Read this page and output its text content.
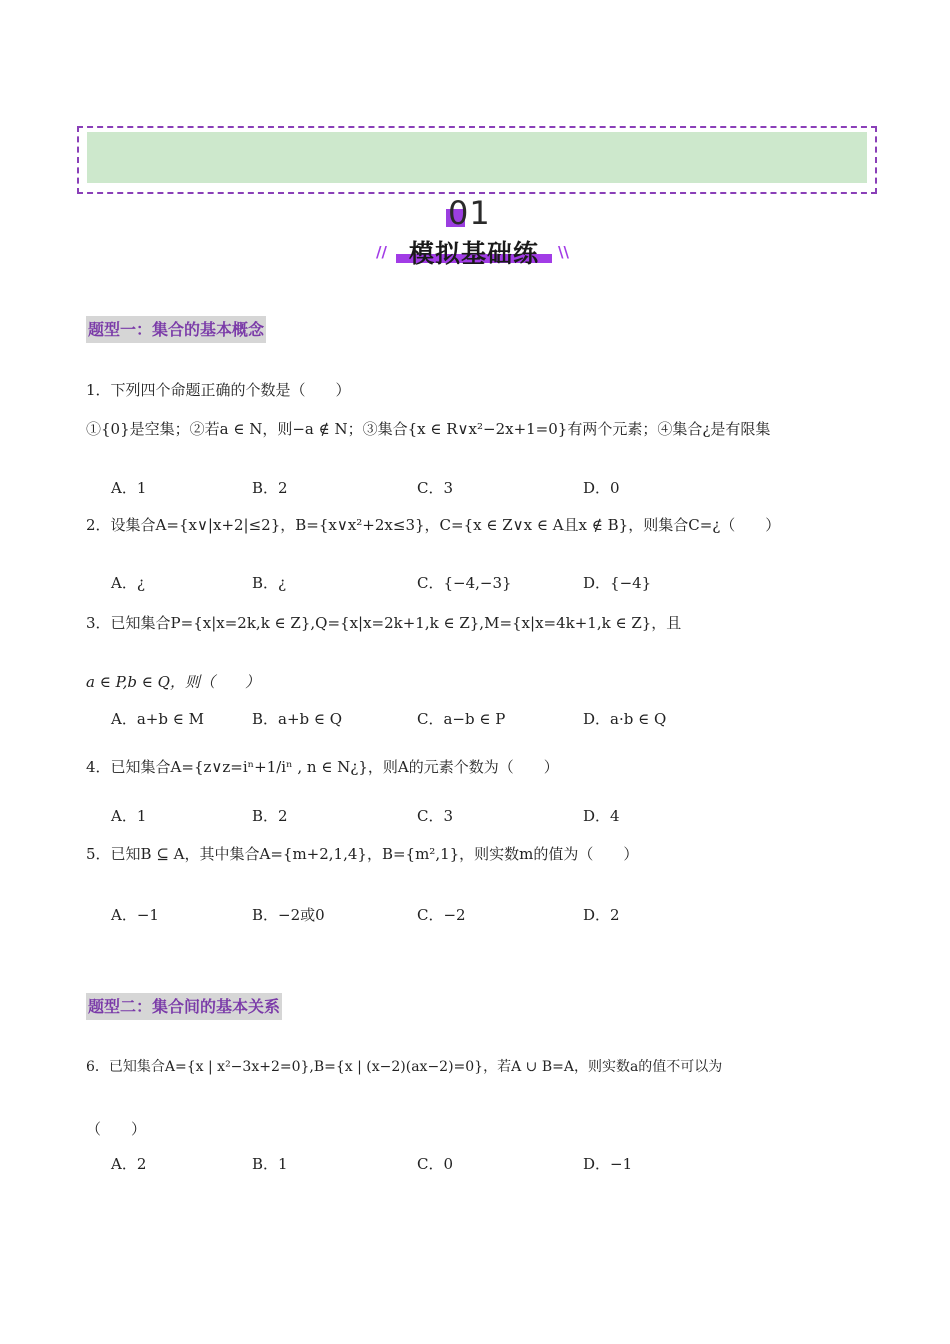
01
// 模拟基础练	\\
题型一：集合的基本概念
1．下列四个命题正确的个数是（　　）
①{0}是空集；②若a ∈ N，则−a ∉ N；③集合{x ∈ R∨x²−2x+1=0}有两个元素；④集合¿是有限集
A．1	B．2	C．3	D．0
2．设集合A={x∨|x+2|≤2}，B={x∨x²+2x≤3}，C={x ∈ Z∨x ∈ A且x ∉ B}，则集合C=¿（　　）
A．¿	B．¿	C．{−4,−3}	D．{−4}
3．已知集合P={x|x=2k,k ∈ Z},Q={x|x=2k+1,k ∈ Z},M={x|x=4k+1,k ∈ Z}，且
a ∈ P,b ∈ Q，则（　　）
A．a+b ∈ M	B．a+b ∈ Q	C．a−b ∈ P	D．a·b ∈ Q
4．已知集合A={z∨z=iⁿ+1/iⁿ , n ∈ N¿}，则A的元素个数为（　　）
A．1	B．2	C．3	D．4
5．已知B ⊆ A，其中集合A={m+2,1,4}，B={m²,1}，则实数m的值为（　　）
A．−1	B．−2或0	C．−2	D．2
题型二：集合间的基本关系
6．已知集合A={x | x²−3x+2=0},B={x | (x−2)(ax−2)=0}，若A ∪ B=A，则实数a的值不可以为
（　　）
A．2	B．1	C．0	D．−1
